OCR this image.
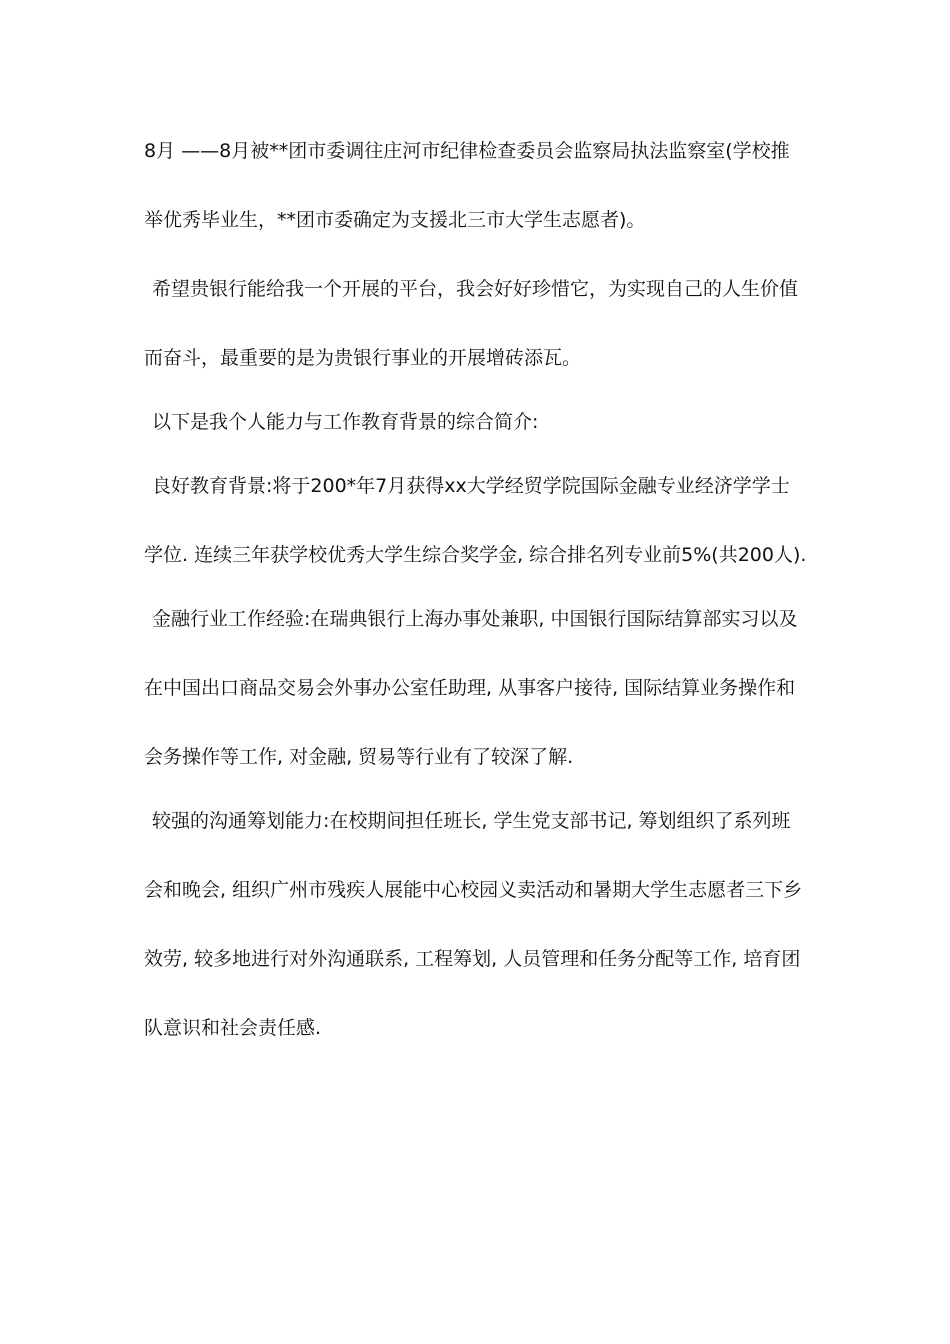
8月 ——8月被**团市委调往庄河市纪律检查委员会监察局执法监察室(学校推

举优秀毕业生，**团市委确定为支援北三市大学生志愿者)。

希望贵银行能给我一个开展的平台，我会好好珍惜它，为实现自己的人生价值

而奋斗，最重要的是为贵银行事业的开展增砖添瓦。

以下是我个人能力与工作教育背景的综合简介:

良好教育背景:将于200*年7月获得xx大学经贸学院国际金融专业经济学学士

学位. 连续三年获学校优秀大学生综合奖学金, 综合排名列专业前5%(共200人).

金融行业工作经验:在瑞典银行上海办事处兼职, 中国银行国际结算部实习以及

在中国出口商品交易会外事办公室任助理, 从事客户接待, 国际结算业务操作和

会务操作等工作, 对金融, 贸易等行业有了较深了解.

较强的沟通筹划能力:在校期间担任班长, 学生党支部书记, 筹划组织了系列班

会和晚会, 组织广州市残疾人展能中心校园义卖活动和暑期大学生志愿者三下乡

效劳, 较多地进行对外沟通联系, 工程筹划, 人员管理和任务分配等工作, 培育团

队意识和社会责任感.
